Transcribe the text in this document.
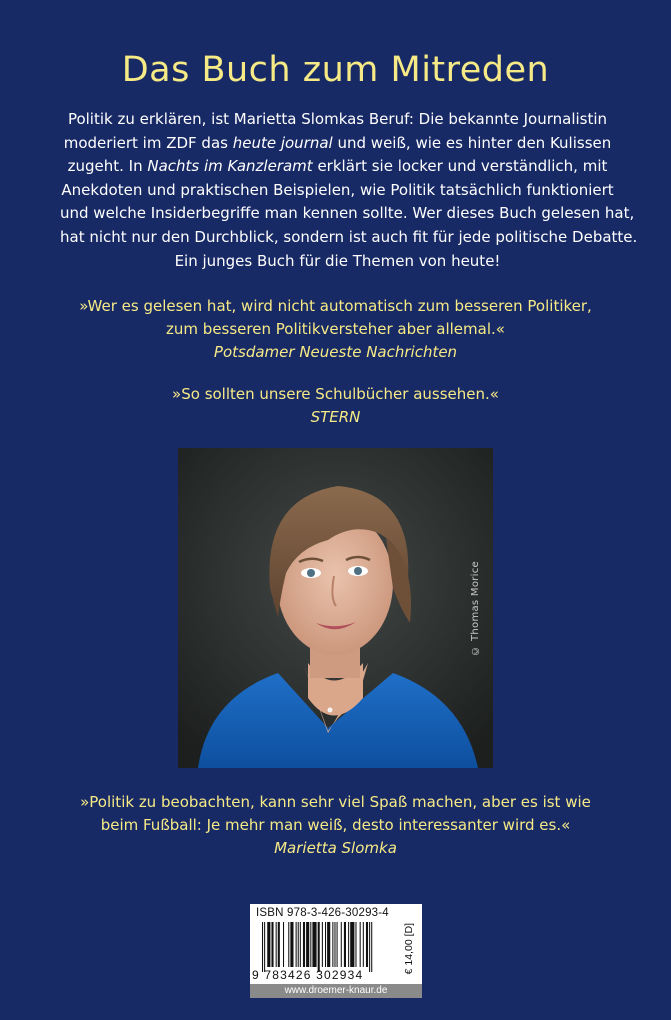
Das Buch zum Mitreden
Politik zu erklären, ist Marietta Slomkas Beruf: Die bekannte Journalistin
moderiert im ZDF das heute journal und weiß, wie es hinter den Kulissen
zugeht. In Nachts im Kanzleramt erklärt sie locker und verständlich, mit
Anekdoten und praktischen Beispielen, wie Politik tatsächlich funktioniert
und welche Insiderbegriffe man kennen sollte. Wer dieses Buch gelesen hat,
hat nicht nur den Durchblick, sondern ist auch fit für jede politische Debatte.
Ein junges Buch für die Themen von heute!
»Wer es gelesen hat, wird nicht automatisch zum besseren Politiker,
zum besseren Politikversteher aber allemal.«
Potsdamer Neueste Nachrichten
»So sollten unsere Schulbücher aussehen.«
STERN
© Thomas Morice
»Politik zu beobachten, kann sehr viel Spaß machen, aber es ist wie
beim Fußball: Je mehr man weiß, desto interessanter wird es.«
Marietta Slomka
ISBN 978-3-426-30293-4
9 783426 302934
€ 14,00 [D]
www.droemer-knaur.de
